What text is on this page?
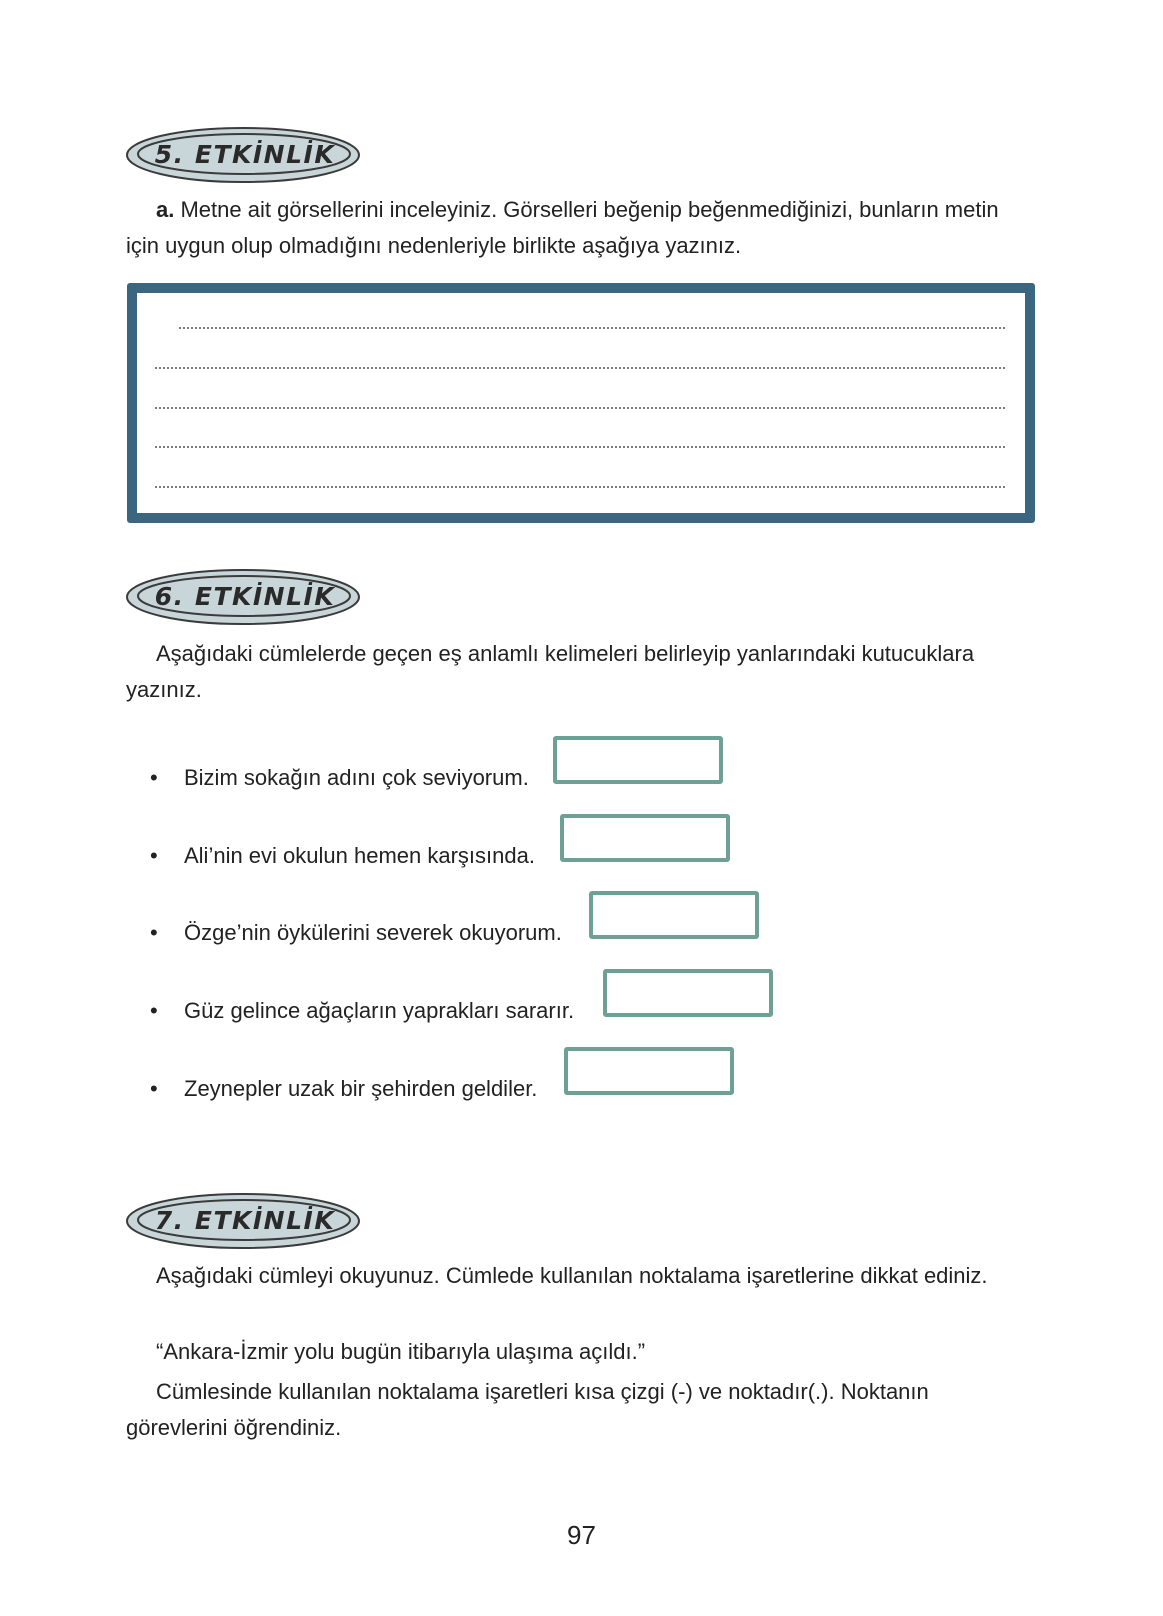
5. ETKİNLİK

a. Metne ait görsellerini inceleyiniz. Görselleri beğenip beğenmediğinizi, bunların metin için uygun olup olmadığını nedenleriyle birlikte aşağıya yazınız.

6. ETKİNLİK

Aşağıdaki cümlelerde geçen eş anlamlı kelimeleri belirleyip yanlarındaki kutucuklara yazınız.

•	Bizim sokağın adını çok seviyorum.
•	Ali’nin evi okulun hemen karşısında.
•	Özge’nin öykülerini severek okuyorum.
•	Güz gelince ağaçların yaprakları sararır.
•	Zeynepler uzak bir şehirden geldiler.
7. ETKİNLİK

Aşağıdaki cümleyi okuyunuz. Cümlede kullanılan noktalama işaretlerine dikkat ediniz.

“Ankara-İzmir yolu bugün itibarıyla ulaşıma açıldı.”

Cümlesinde kullanılan noktalama işaretleri kısa çizgi (-) ve noktadır(.). Noktanın görevlerini öğrendiniz.

97
